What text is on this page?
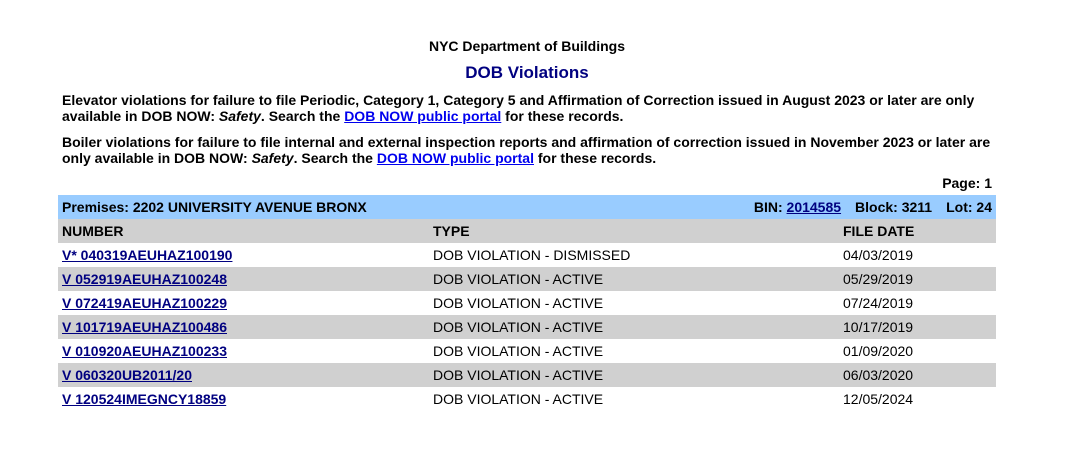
NYC Department of Buildings
DOB Violations
Elevator violations for failure to file Periodic, Category 1, Category 5 and Affirmation of Correction issued in August 2023 or later are only available in DOB NOW: Safety. Search the DOB NOW public portal for these records.
Boiler violations for failure to file internal and external inspection reports and affirmation of correction issued in November 2023 or later are only available in DOB NOW: Safety. Search the DOB NOW public portal for these records.
Page: 1
Premises: 2202 UNIVERSITY AVENUE BRONX		BIN: 2014585 Block: 3211 Lot: 24

NUMBER	TYPE	FILE DATE
V* 040319AEUHAZ100190	DOB VIOLATION - DISMISSED	04/03/2019
V 052919AEUHAZ100248	DOB VIOLATION - ACTIVE	05/29/2019
V 072419AEUHAZ100229	DOB VIOLATION - ACTIVE	07/24/2019
V 101719AEUHAZ100486	DOB VIOLATION - ACTIVE	10/17/2019
V 010920AEUHAZ100233	DOB VIOLATION - ACTIVE	01/09/2020
V 060320UB2011/20	DOB VIOLATION - ACTIVE	06/03/2020
V 120524IMEGNCY18859	DOB VIOLATION - ACTIVE	12/05/2024
